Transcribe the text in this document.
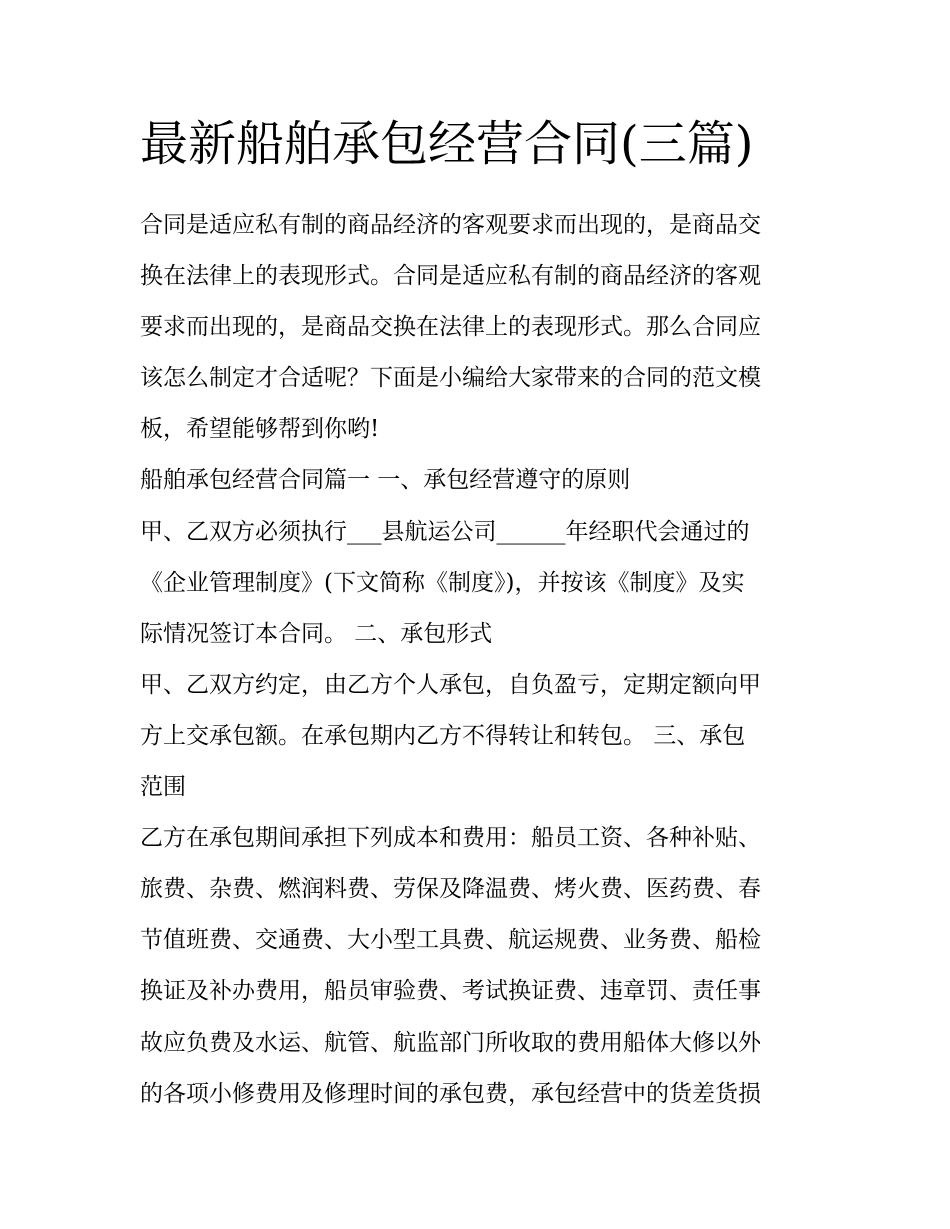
最新船舶承包经营合同(三篇)
合同是适应私有制的商品经济的客观要求而出现的，是商品交
换在法律上的表现形式。合同是适应私有制的商品经济的客观
要求而出现的，是商品交换在法律上的表现形式。那么合同应
该怎么制定才合适呢？下面是小编给大家带来的合同的范文模
板，希望能够帮到你哟!
船舶承包经营合同篇一 一、承包经营遵守的原则
甲、乙双方必须执行___县航运公司______年经职代会通过的
《企业管理制度》(下文简称《制度》)，并按该《制度》及实
际情况签订本合同。 二、承包形式
甲、乙双方约定，由乙方个人承包，自负盈亏，定期定额向甲
方上交承包额。在承包期内乙方不得转让和转包。 三、承包
范围
乙方在承包期间承担下列成本和费用：船员工资、各种补贴、
旅费、杂费、燃润料费、劳保及降温费、烤火费、医药费、春
节值班费、交通费、大小型工具费、航运规费、业务费、船检
换证及补办费用，船员审验费、考试换证费、违章罚、责任事
故应负费及水运、航管、航监部门所收取的费用船体大修以外
的各项小修费用及修理时间的承包费，承包经营中的货差货损
